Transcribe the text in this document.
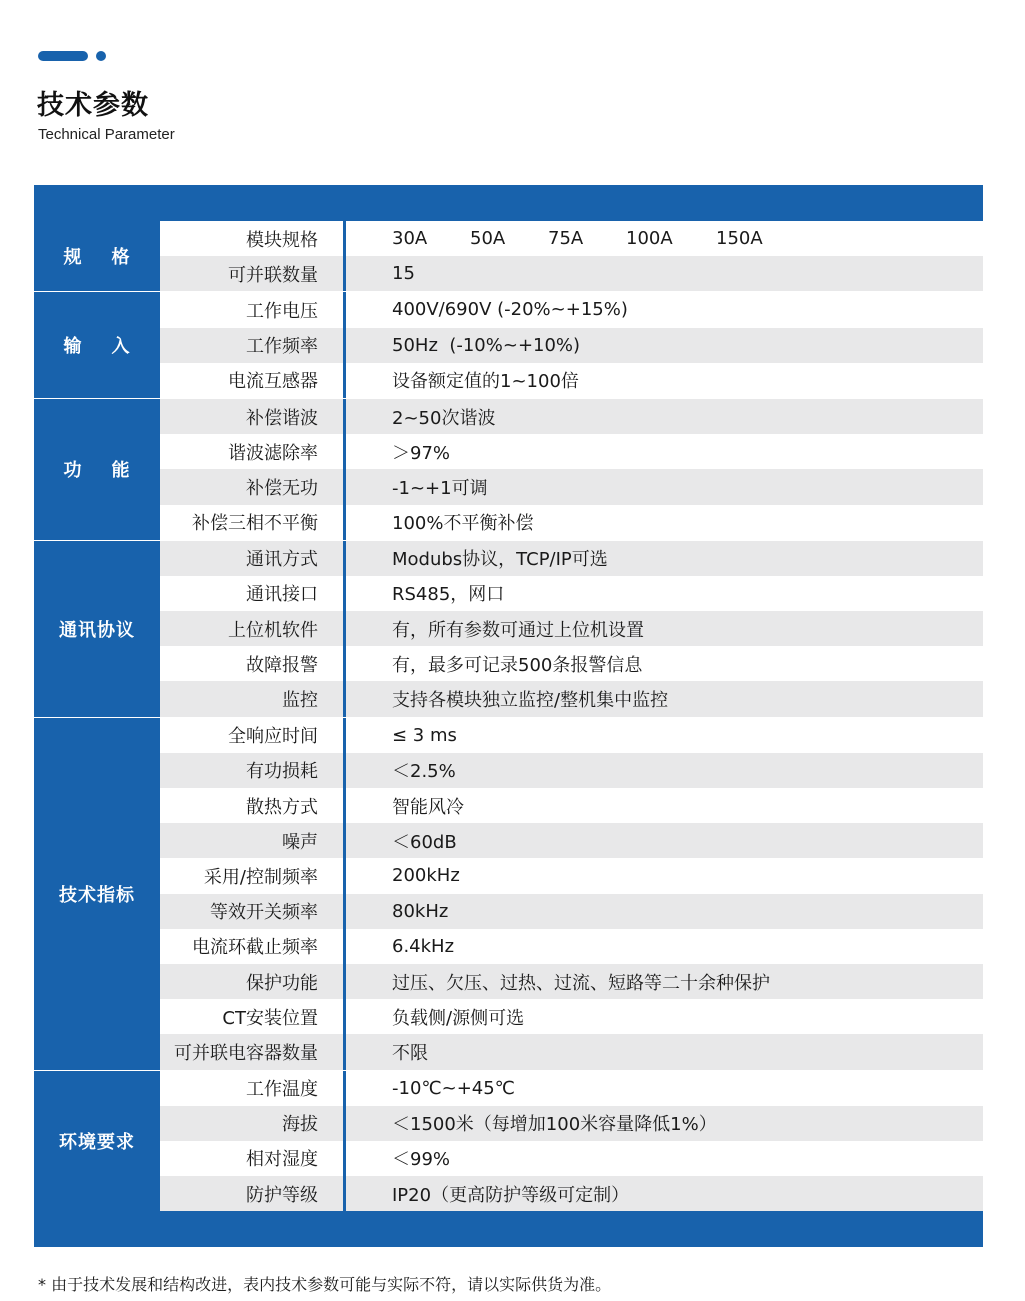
技术参数
Technical Parameter
规    格
模块规格	30A 50A 75A 100A 150A
可并联数量	15
输    入
工作电压	400V/690V (-20%~+15%)
工作频率	50Hz  (-10%~+10%)
电流互感器	设备额定值的1~100倍
功    能
补偿谐波	2~50次谐波
谐波滤除率	＞97%
补偿无功	-1~+1可调
补偿三相不平衡	100%不平衡补偿
通讯协议
通讯方式	Modubs协议，TCP/IP可选
通讯接口	RS485，网口
上位机软件	有，所有参数可通过上位机设置
故障报警	有，最多可记录500条报警信息
监控	支持各模块独立监控/整机集中监控
技术指标
全响应时间	≤ 3 ms
有功损耗	＜2.5%
散热方式	智能风冷
噪声	＜60dB
采用/控制频率	200kHz
等效开关频率	80kHz
电流环截止频率	6.4kHz
保护功能	过压、欠压、过热、过流、短路等二十余种保护
CT安装位置	负载侧/源侧可选
可并联电容器数量	不限
环境要求
工作温度	-10℃~+45℃
海拔	＜1500米（每增加100米容量降低1%）
相对湿度	＜99%
防护等级	IP20（更高防护等级可定制）
* 由于技术发展和结构改进，表内技术参数可能与实际不符，请以实际供货为准。
